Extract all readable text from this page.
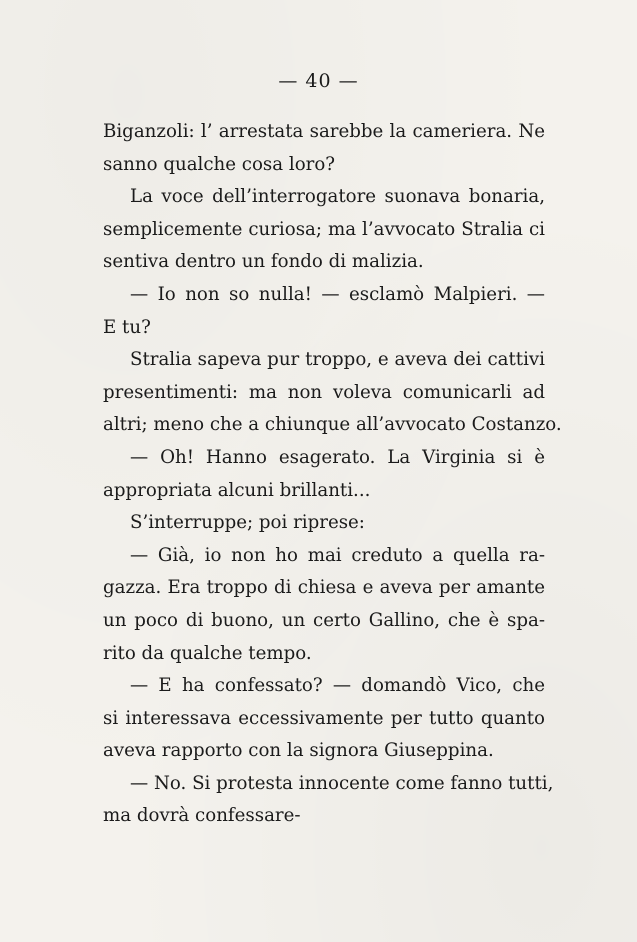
— 40 —
Biganzoli: l’ arrestata sarebbe la cameriera. Ne
sanno qualche cosa loro?
La voce dell’interrogatore suonava bonaria,
semplicemente curiosa; ma l’avvocato Stralia ci
sentiva dentro un fondo di malizia.
— Io non so nulla! — esclamò Malpieri. —
E tu?
Stralia sapeva pur troppo, e aveva dei cattivi
presentimenti: ma non voleva comunicarli ad
altri; meno che a chiunque all’avvocato Costanzo.
— Oh! Hanno esagerato. La Virginia si è
appropriata alcuni brillanti...
S’interruppe; poi riprese:
— Già, io non ho mai creduto a quella ra-
gazza. Era troppo di chiesa e aveva per amante
un poco di buono, un certo Gallino, che è spa-
rito da qualche tempo.
— E ha confessato? — domandò Vico, che
si interessava eccessivamente per tutto quanto
aveva rapporto con la signora Giuseppina.
— No. Si protesta innocente come fanno tutti,
ma dovrà confessare-
